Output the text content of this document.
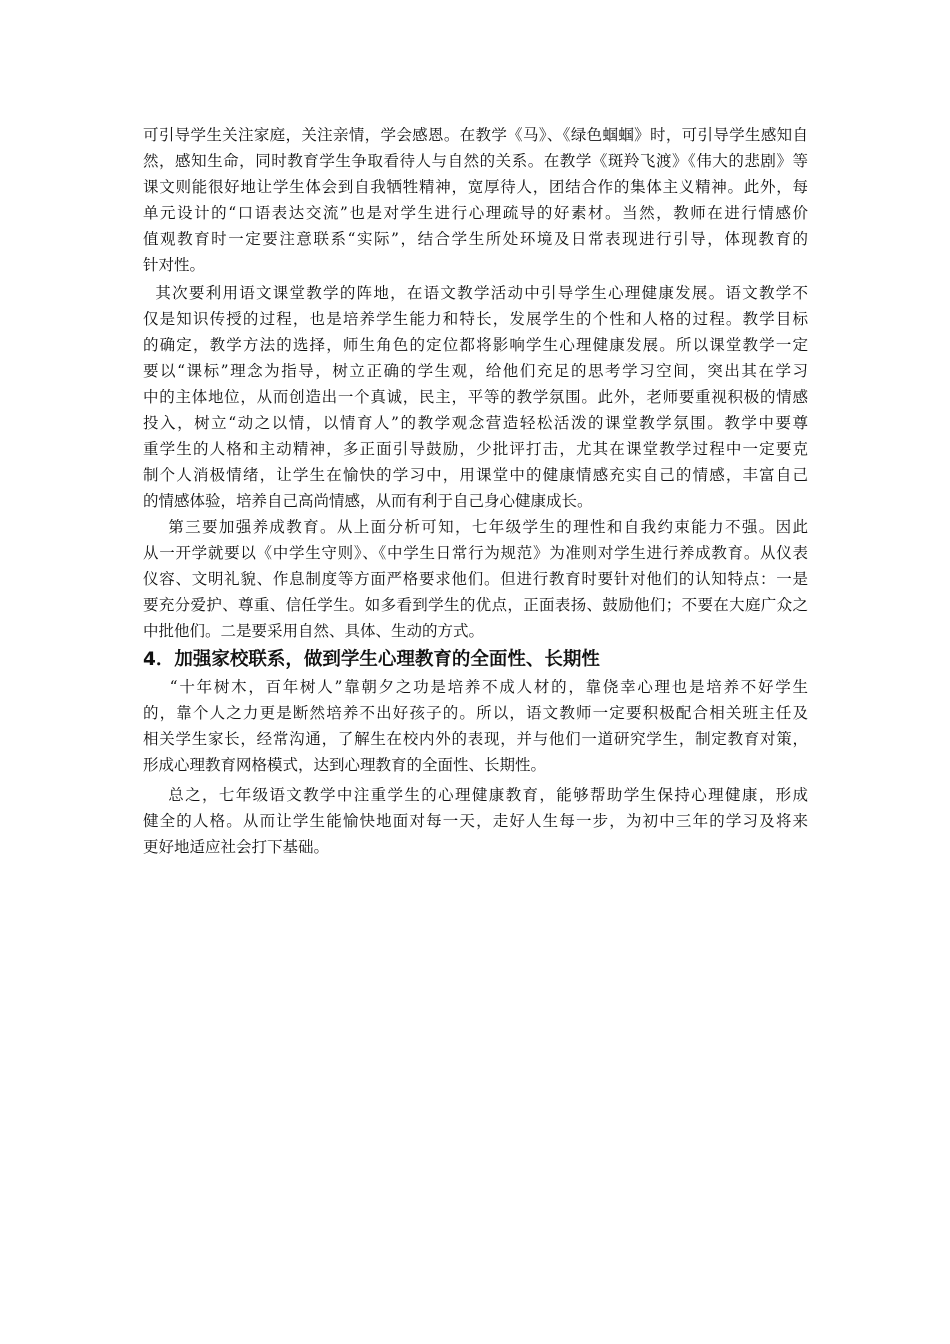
可引导学生关注家庭，关注亲情，学会感恩。在教学《马》、《绿色蝈蝈》时，可引导学生感知自
然，感知生命，同时教育学生争取看待人与自然的关系。在教学《斑羚飞渡》《伟大的悲剧》等
课文则能很好地让学生体会到自我牺牲精神，宽厚待人，团结合作的集体主义精神。此外，每
单元设计的“口语表达交流”也是对学生进行心理疏导的好素材。当然，教师在进行情感价
值观教育时一定要注意联系“实际”，结合学生所处环境及日常表现进行引导，体现教育的
针对性。
其次要利用语文课堂教学的阵地，在语文教学活动中引导学生心理健康发展。语文教学不
仅是知识传授的过程，也是培养学生能力和特长，发展学生的个性和人格的过程。教学目标
的确定，教学方法的选择，师生角色的定位都将影响学生心理健康发展。所以课堂教学一定
要以“课标”理念为指导，树立正确的学生观，给他们充足的思考学习空间，突出其在学习
中的主体地位，从而创造出一个真诚，民主，平等的教学氛围。此外，老师要重视积极的情感
投入，树立“动之以情，以情育人”的教学观念营造轻松活泼的课堂教学氛围。教学中要尊
重学生的人格和主动精神，多正面引导鼓励，少批评打击，尤其在课堂教学过程中一定要克
制个人消极情绪，让学生在愉快的学习中，用课堂中的健康情感充实自己的情感，丰富自己
的情感体验，培养自己高尚情感，从而有利于自己身心健康成长。
第三要加强养成教育。从上面分析可知，七年级学生的理性和自我约束能力不强。因此
从一开学就要以《中学生守则》、《中学生日常行为规范》为准则对学生进行养成教育。从仪表
仪容、文明礼貌、作息制度等方面严格要求他们。但进行教育时要针对他们的认知特点：一是
要充分爱护、尊重、信任学生。如多看到学生的优点，正面表扬、鼓励他们；不要在大庭广众之
中批他们。二是要采用自然、具体、生动的方式。
4．加强家校联系，做到学生心理教育的全面性、长期性
“十年树木，百年树人”靠朝夕之功是培养不成人材的，靠侥幸心理也是培养不好学生
的，靠个人之力更是断然培养不出好孩子的。所以，语文教师一定要积极配合相关班主任及
相关学生家长，经常沟通，了解生在校内外的表现，并与他们一道研究学生，制定教育对策，
形成心理教育网格模式，达到心理教育的全面性、长期性。
总之，七年级语文教学中注重学生的心理健康教育，能够帮助学生保持心理健康，形成
健全的人格。从而让学生能愉快地面对每一天，走好人生每一步，为初中三年的学习及将来
更好地适应社会打下基础。
